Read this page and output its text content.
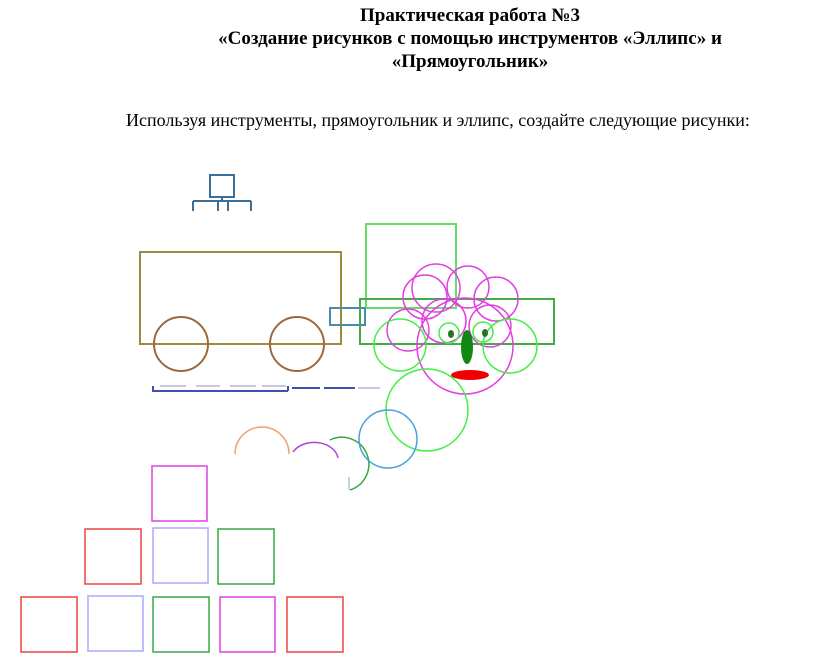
Практическая работа №3
«Создание рисунков с помощью инструментов «Эллипс» и
«Прямоугольник»

Используя инструменты, прямоугольник и эллипс, создайте следующие рисунки:
